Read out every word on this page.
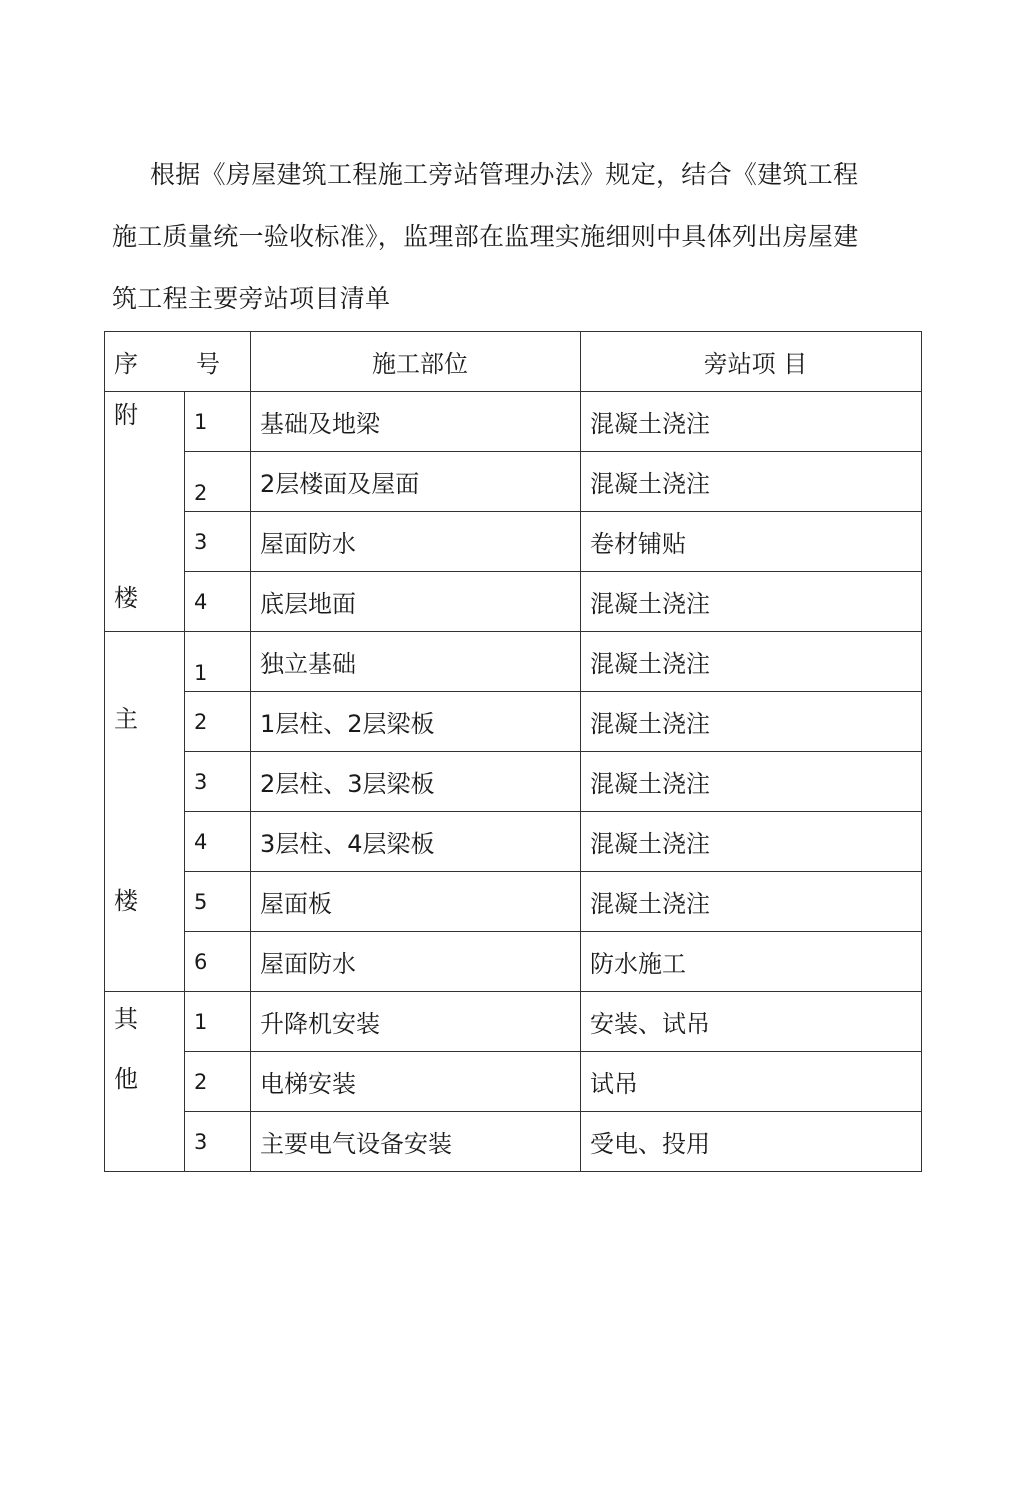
根据《房屋建筑工程施工旁站管理办法》规定，结合《建筑工程
施工质量统一验收标准》，监理部在监理实施细则中具体列出房屋建
筑工程主要旁站项目清单
序 号		施工部位	旁站项 目

附
楼	1	基础及地梁	混凝土浇注
	2	2层楼面及屋面	混凝土浇注
	3	屋面防水	卷材铺贴
	4	底层地面	混凝土浇注

主
楼	1	独立基础	混凝土浇注
	2	1层柱、2层梁板	混凝土浇注
	3	2层柱、3层梁板	混凝土浇注
	4	3层柱、4层梁板	混凝土浇注
	5	屋面板	混凝土浇注
	6	屋面防水	防水施工

其
他	1	升降机安装	安装、试吊
	2	电梯安装	试吊
	3	主要电气设备安装	受电、投用
